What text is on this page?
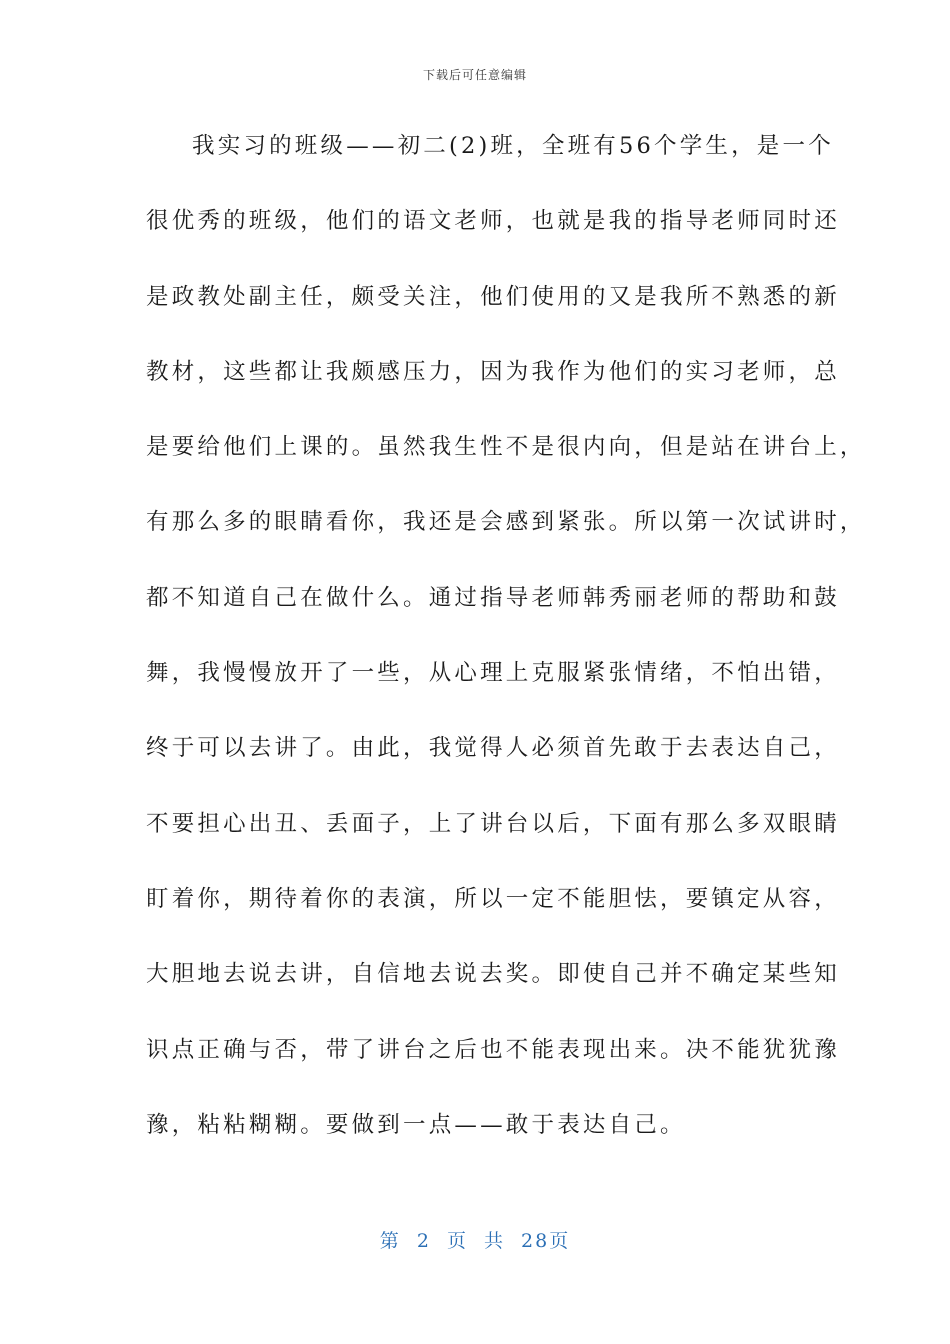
下载后可任意编辑
我实习的班级——初二(2)班，全班有56个学生，是一个
很优秀的班级，他们的语文老师，也就是我的指导老师同时还
是政教处副主任，颇受关注，他们使用的又是我所不熟悉的新
教材，这些都让我颇感压力，因为我作为他们的实习老师，总
是要给他们上课的。虽然我生性不是很内向，但是站在讲台上，
有那么多的眼睛看你，我还是会感到紧张。所以第一次试讲时，
都不知道自己在做什么。通过指导老师韩秀丽老师的帮助和鼓
舞，我慢慢放开了一些，从心理上克服紧张情绪，不怕出错，
终于可以去讲了。由此，我觉得人必须首先敢于去表达自己，
不要担心出丑、丢面子，上了讲台以后，下面有那么多双眼睛
盯着你，期待着你的表演，所以一定不能胆怯，要镇定从容，
大胆地去说去讲，自信地去说去奖。即使自己并不确定某些知
识点正确与否，带了讲台之后也不能表现出来。决不能犹犹豫
豫，粘粘糊糊。要做到一点——敢于表达自己。
第 2 页 共 28页
